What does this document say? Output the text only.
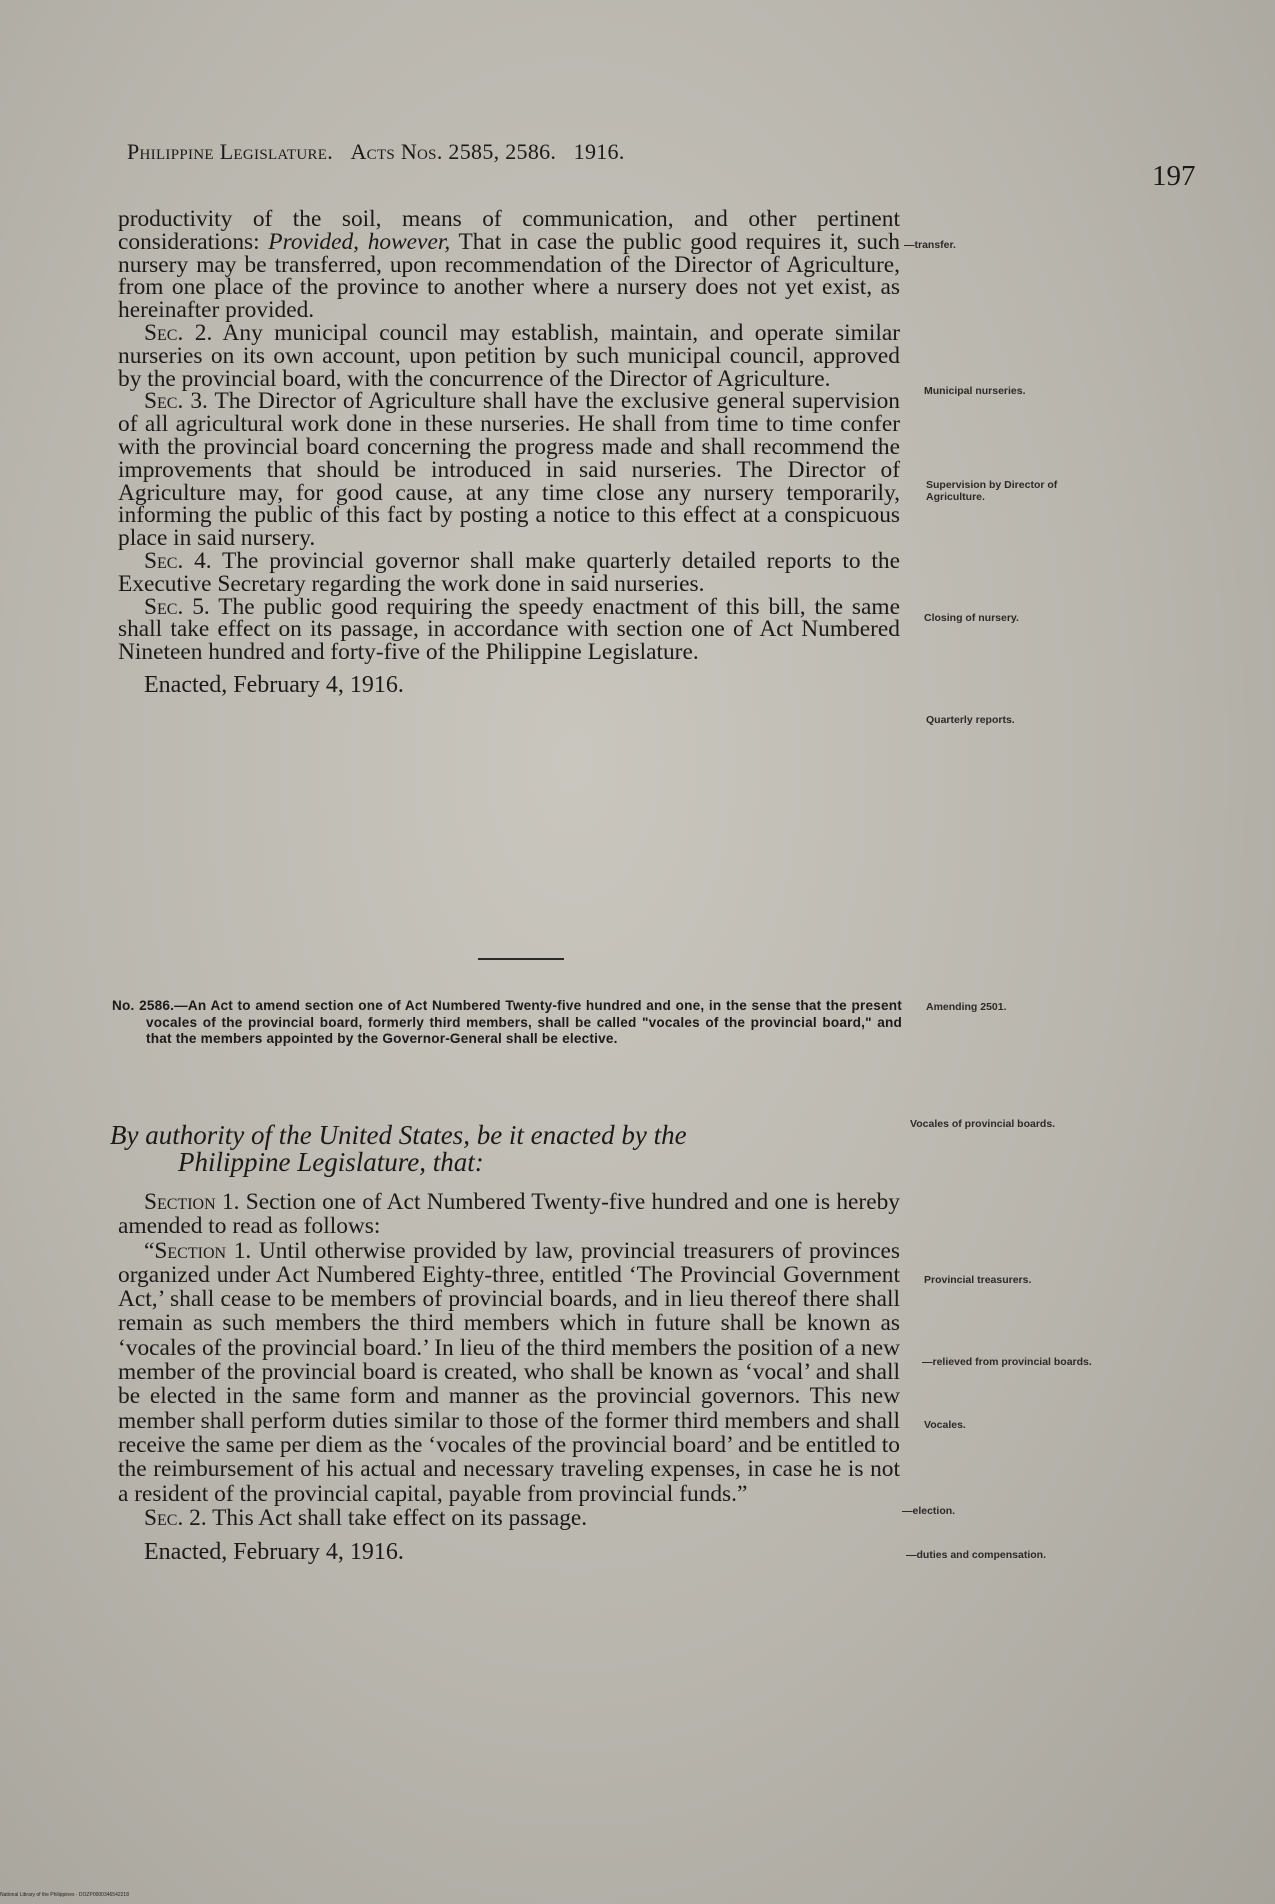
Philippine Legislature. Acts Nos. 2585, 2586. 1916.
197

productivity of the soil, means of communication, and other pertinent considerations: Provided, however, That in case the public good requires it, such nursery may be transferred, upon recommendation of the Director of Agriculture, from one place of the province to another where a nursery does not yet exist, as hereinafter provided.

Sec. 2. Any municipal council may establish, maintain, and operate similar nurseries on its own account, upon petition by such municipal council, approved by the provincial board, with the concurrence of the Director of Agriculture.

Sec. 3. The Director of Agriculture shall have the exclusive general supervision of all agricultural work done in these nurseries. He shall from time to time confer with the provincial board concerning the progress made and shall recommend the improvements that should be introduced in said nurseries. The Director of Agriculture may, for good cause, at any time close any nursery temporarily, informing the public of this fact by posting a notice to this effect at a conspicuous place in said nursery.

Sec. 4. The provincial governor shall make quarterly detailed reports to the Executive Secretary regarding the work done in said nurseries.

Sec. 5. The public good requiring the speedy enactment of this bill, the same shall take effect on its passage, in accordance with section one of Act Numbered Nineteen hundred and forty-five of the Philippine Legislature.

Enacted, February 4, 1916.

No. 2586.—An Act to amend section one of Act Numbered Twenty-five hundred and one, in the sense that the present vocales of the provincial board, formerly third members, shall be called "vocales of the provincial board," and that the members appointed by the Governor-General shall be elective.

By authority of the United States, be it enacted by the

Philippine Legislature, that:

Section 1. Section one of Act Numbered Twenty-five hundred and one is hereby amended to read as follows:

“Section 1. Until otherwise provided by law, provincial treasurers of provinces organized under Act Numbered Eighty-three, entitled ‘The Provincial Government Act,’ shall cease to be members of provincial boards, and in lieu thereof there shall remain as such members the third members which in future shall be known as ‘vocales of the provincial board.’ In lieu of the third members the position of a new member of the provincial board is created, who shall be known as ‘vocal’ and shall be elected in the same form and manner as the provincial governors. This new member shall perform duties similar to those of the former third members and shall receive the same per diem as the ‘vocales of the provincial board’ and be entitled to the reimbursement of his actual and necessary traveling expenses, in case he is not a resident of the provincial capital, payable from provincial funds.”

Sec. 2. This Act shall take effect on its passage.

Enacted, February 4, 1916.

—transfer.
Municipal nurseries.
Supervision by Director of Agriculture.
Closing of nursery.
Quarterly reports.
Amending 2501.
Vocales of provincial boards.
Provincial treasurers.
—relieved from provincial boards.
Vocales.
—election.
—duties and compensation.
National Library of the Philippines · DOZP0000346542218
